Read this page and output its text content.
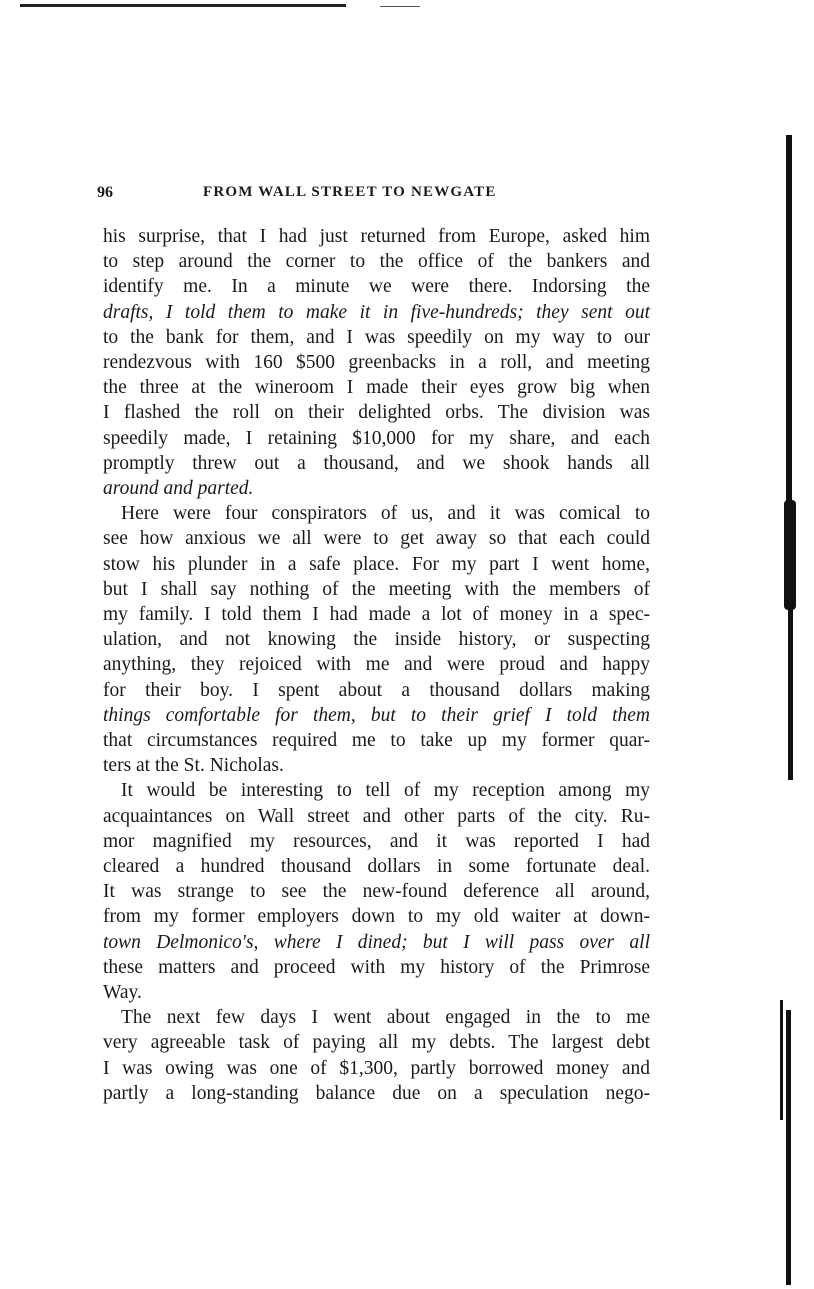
96	FROM WALL STREET TO NEWGATE
his surprise, that I had just returned from Europe, asked him
to step around the corner to the office of the bankers and
identify me. In a minute we were there. Indorsing the
drafts, I told them to make it in five-hundreds; they sent out
to the bank for them, and I was speedily on my way to our
rendezvous with 160 $500 greenbacks in a roll, and meeting
the three at the wineroom I made their eyes grow big when
I flashed the roll on their delighted orbs. The division was
speedily made, I retaining $10,000 for my share, and each
promptly threw out a thousand, and we shook hands all
around and parted.
Here were four conspirators of us, and it was comical to
see how anxious we all were to get away so that each could
stow his plunder in a safe place. For my part I went home,
but I shall say nothing of the meeting with the members of
my family. I told them I had made a lot of money in a spec-
ulation, and not knowing the inside history, or suspecting
anything, they rejoiced with me and were proud and happy
for their boy. I spent about a thousand dollars making
things comfortable for them, but to their grief I told them
that circumstances required me to take up my former quar-
ters at the St. Nicholas.
It would be interesting to tell of my reception among my
acquaintances on Wall street and other parts of the city. Ru-
mor magnified my resources, and it was reported I had
cleared a hundred thousand dollars in some fortunate deal.
It was strange to see the new-found deference all around,
from my former employers down to my old waiter at down-
town Delmonico's, where I dined; but I will pass over all
these matters and proceed with my history of the Primrose
Way.
The next few days I went about engaged in the to me
very agreeable task of paying all my debts. The largest debt
I was owing was one of $1,300, partly borrowed money and
partly a long-standing balance due on a speculation nego-
